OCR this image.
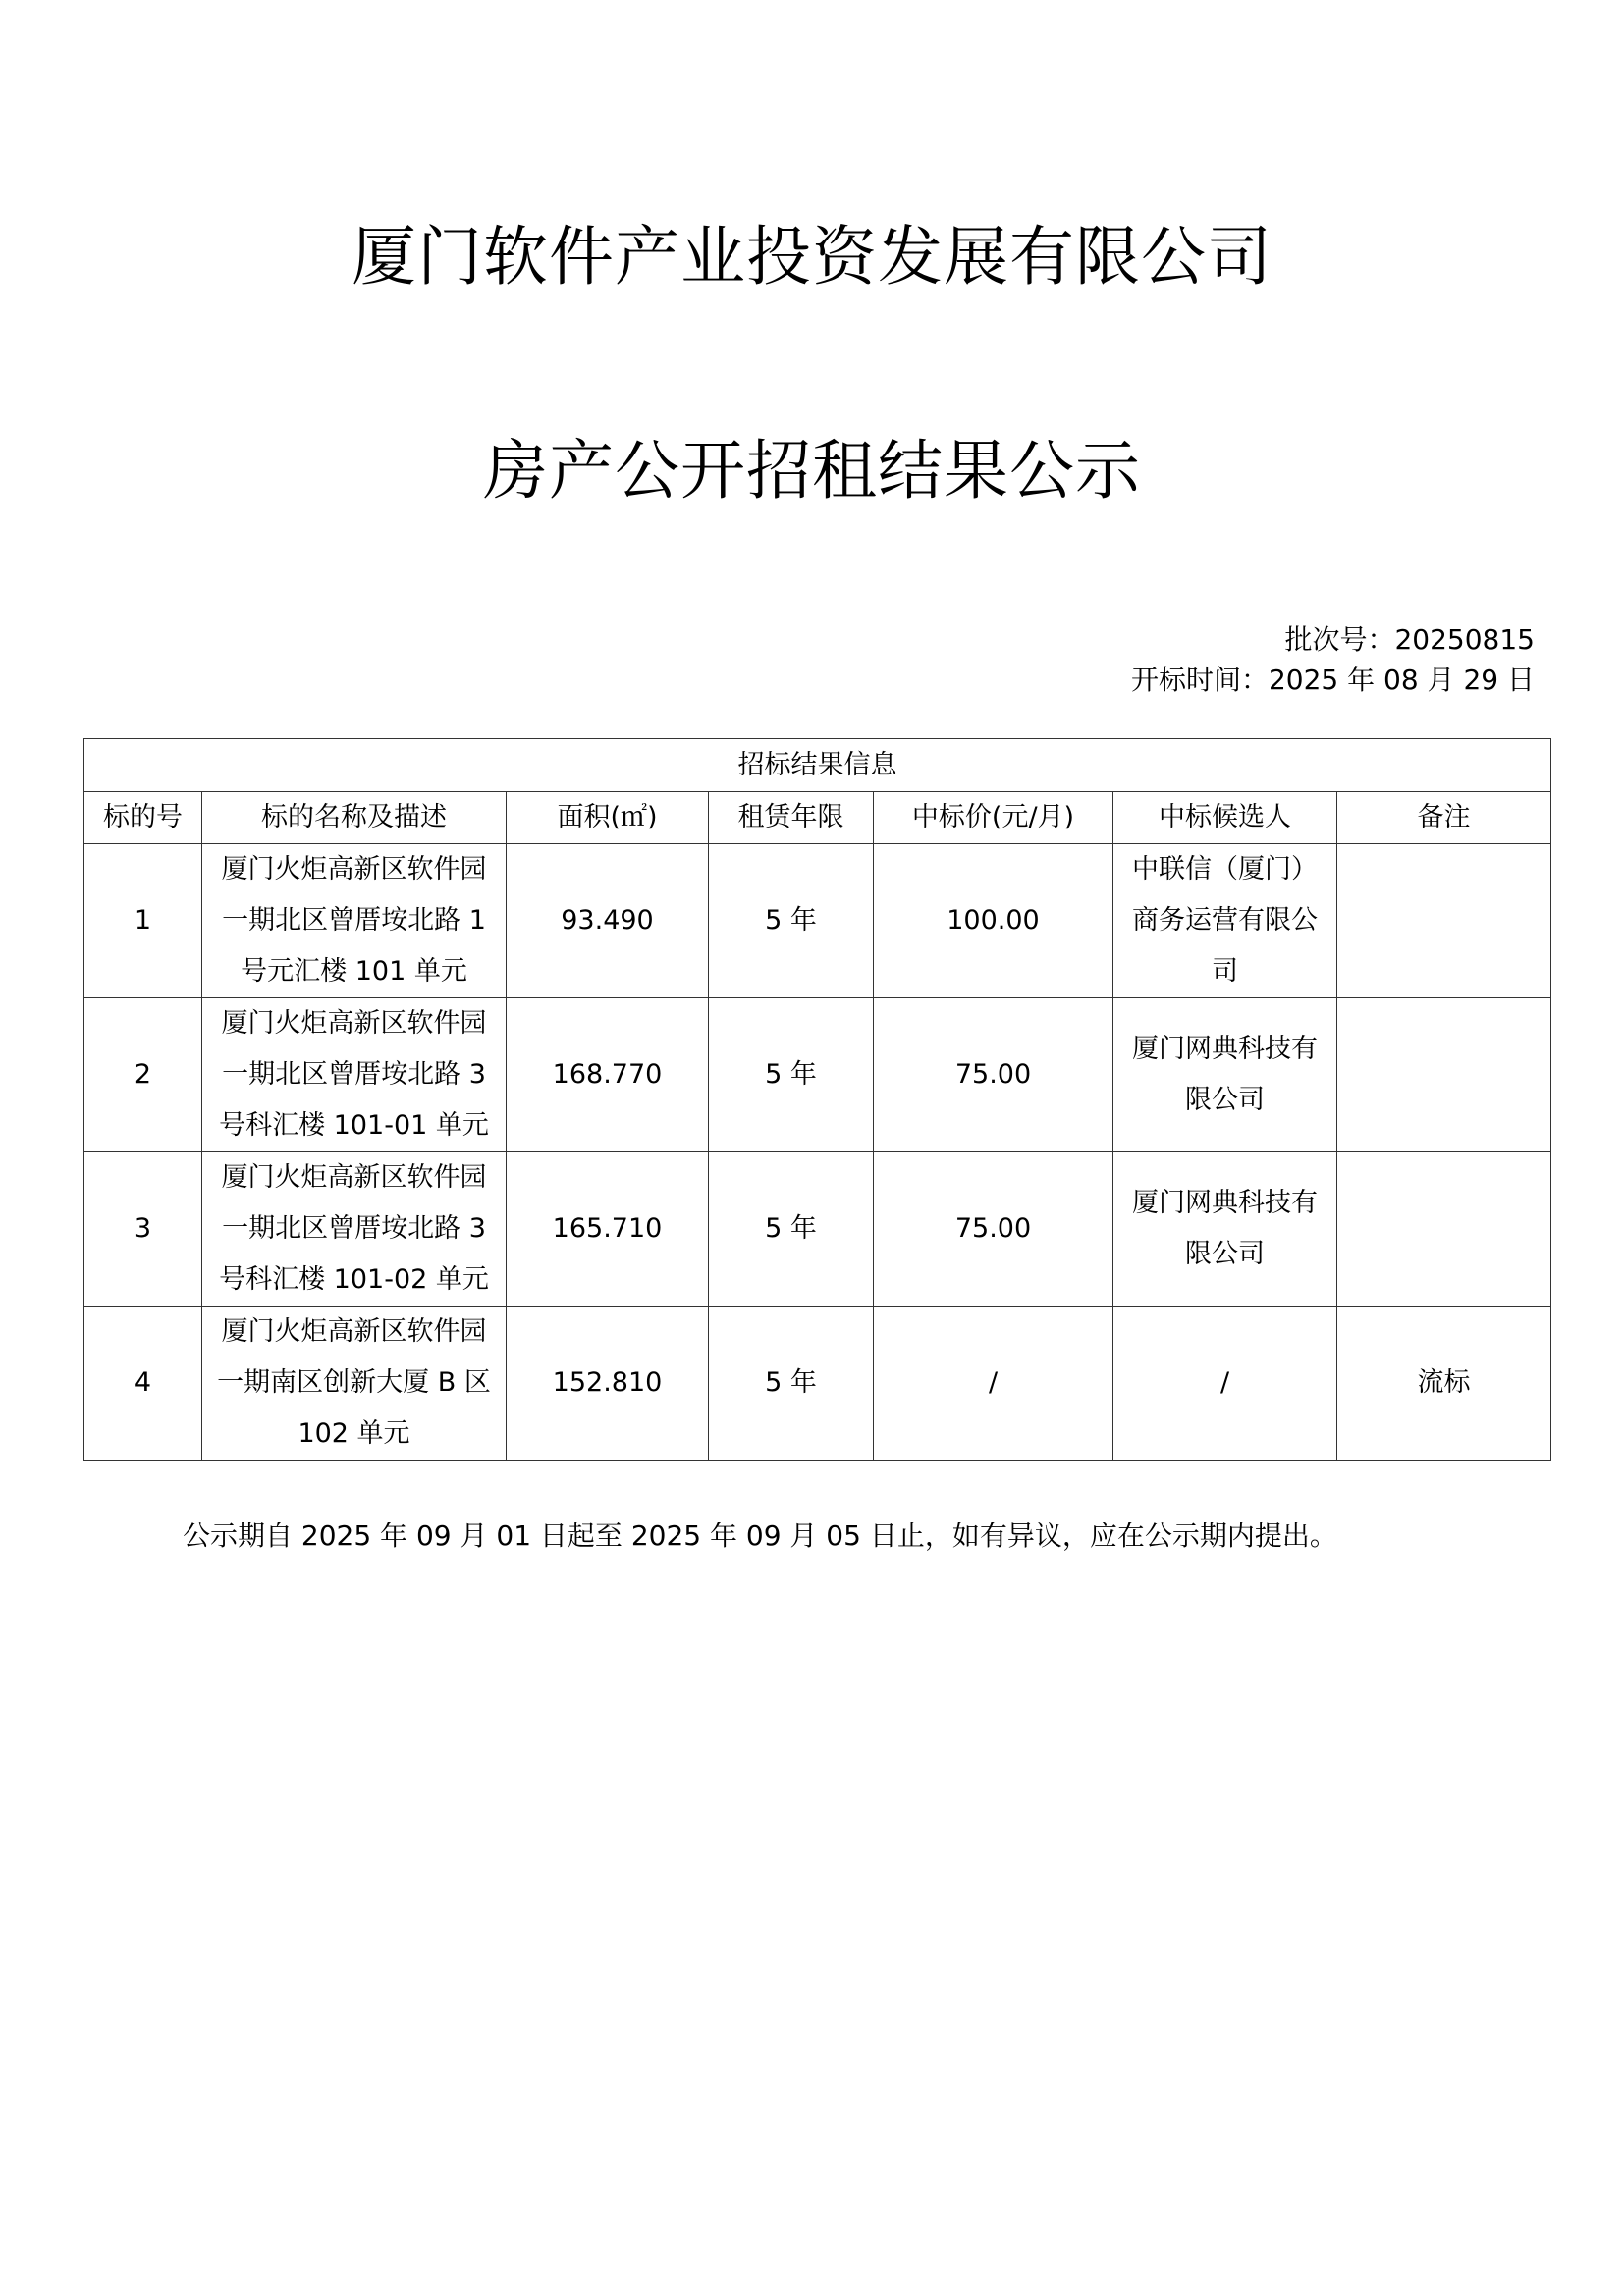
厦门软件产业投资发展有限公司
房产公开招租结果公示
批次号：20250815
开标时间：2025 年 08 月 29 日
招标结果信息						
标的号	标的名称及描述	面积(㎡)	租赁年限	中标价(元/月)	中标候选人	备注
1	厦门火炬高新区软件园一期北区曾厝垵北路 1 号元汇楼 101 单元	93.490	5 年	100.00	中联信（厦门）商务运营有限公司	
2	厦门火炬高新区软件园一期北区曾厝垵北路 3 号科汇楼 101-01 单元	168.770	5 年	75.00	厦门网典科技有限公司	
3	厦门火炬高新区软件园一期北区曾厝垵北路 3 号科汇楼 101-02 单元	165.710	5 年	75.00	厦门网典科技有限公司	
4	厦门火炬高新区软件园一期南区创新大厦 B 区 102 单元	152.810	5 年	/	/	流标
公示期自 2025 年 09 月 01 日起至 2025 年 09 月 05 日止，如有异议，应在公示期内提出。
